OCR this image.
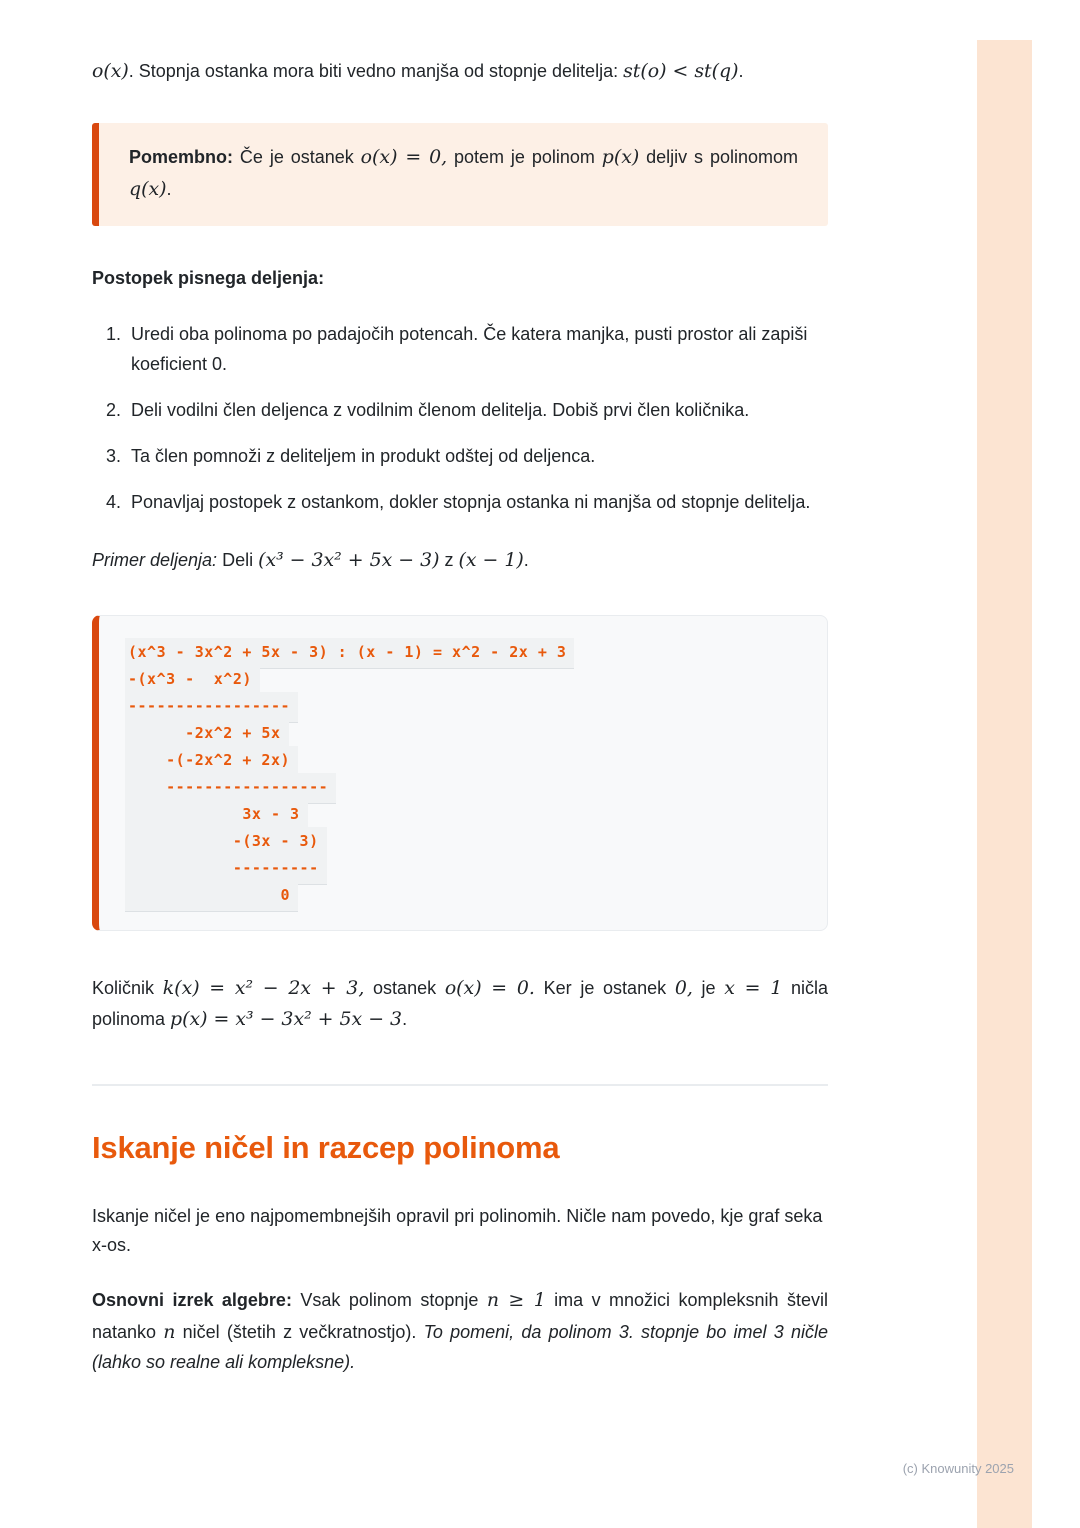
o(x). Stopnja ostanka mora biti vedno manjša od stopnje delitelja: st(o) < st(q).

Pomembno: Če je ostanek o(x) = 0, potem je polinom p(x) deljiv s polinomom q(x).

Postopek pisnega deljenja:

1. Uredi oba polinoma po padajočih potencah. Če katera manjka, pusti prostor ali zapiši koeficient 0.
2. Deli vodilni člen deljenca z vodilnim členom delitelja. Dobiš prvi člen količnika.
3. Ta člen pomnoži z deliteljem in produkt odštej od deljenca.
4. Ponavljaj postopek z ostankom, dokler stopnja ostanka ni manjša od stopnje delitelja.

Primer deljenja: Deli (x³ − 3x² + 5x − 3) z (x − 1).

(x^3 - 3x^2 + 5x - 3) : (x - 1) = x^2 - 2x + 3
-(x^3 -  x^2)
-----------------
-2x^2 + 5x
-(-2x^2 + 2x)
-----------------
3x - 3
-(3x - 3)
---------
0

Količnik k(x) = x² − 2x + 3, ostanek o(x) = 0. Ker je ostanek 0, je x = 1 ničla polinoma p(x) = x³ − 3x² + 5x − 3.

Iskanje ničel in razcep polinoma

Iskanje ničel je eno najpomembnejših opravil pri polinomih. Ničle nam povedo, kje graf seka x-os.

Osnovni izrek algebre: Vsak polinom stopnje n ≥ 1 ima v množici kompleksnih števil natanko n ničel (štetih z večkratnostjo). To pomeni, da polinom 3. stopnje bo imel 3 ničle (lahko so realne ali kompleksne).

(c) Knowunity 2025
